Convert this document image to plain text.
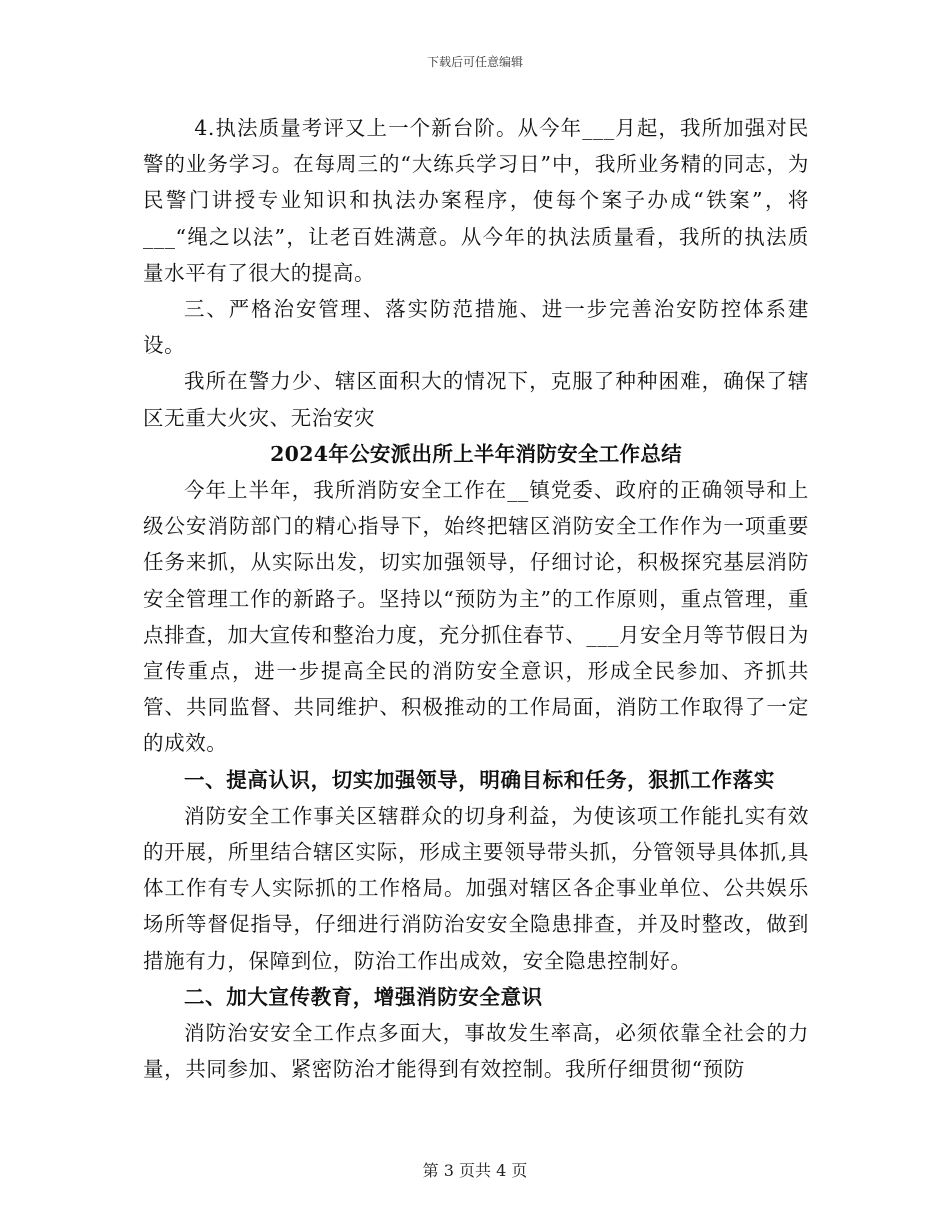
下载后可任意编辑

4.执法质量考评又上一个新台阶。从今年___月起，我所加强对民警的业务学习。在每周三的“大练兵学习日”中，我所业务精的同志，为民警门讲授专业知识和执法办案程序，使每个案子办成“铁案”，将___“绳之以法”，让老百姓满意。从今年的执法质量看，我所的执法质量水平有了很大的提高。

三、严格治安管理、落实防范措施、进一步完善治安防控体系建设。

我所在警力少、辖区面积大的情况下，克服了种种困难，确保了辖区无重大火灾、无治安灾

2024年公安派出所上半年消防安全工作总结

今年上半年，我所消防安全工作在__镇党委、政府的正确领导和上级公安消防部门的精心指导下，始终把辖区消防安全工作作为一项重要任务来抓，从实际出发，切实加强领导，仔细讨论，积极探究基层消防安全管理工作的新路子。坚持以“预防为主”的工作原则，重点管理，重点排查，加大宣传和整治力度，充分抓住春节、___月安全月等节假日为宣传重点，进一步提高全民的消防安全意识，形成全民参加、齐抓共管、共同监督、共同维护、积极推动的工作局面，消防工作取得了一定的成效。

一、提高认识，切实加强领导，明确目标和任务，狠抓工作落实

消防安全工作事关区辖群众的切身利益，为使该项工作能扎实有效的开展，所里结合辖区实际，形成主要领导带头抓，分管领导具体抓,具体工作有专人实际抓的工作格局。加强对辖区各企事业单位、公共娱乐场所等督促指导，仔细进行消防治安安全隐患排查，并及时整改，做到措施有力，保障到位，防治工作出成效，安全隐患控制好。

二、加大宣传教育，增强消防安全意识

消防治安安全工作点多面大，事故发生率高，必须依靠全社会的力量，共同参加、紧密防治才能得到有效控制。我所仔细贯彻“预防

第 3 页共 4 页
